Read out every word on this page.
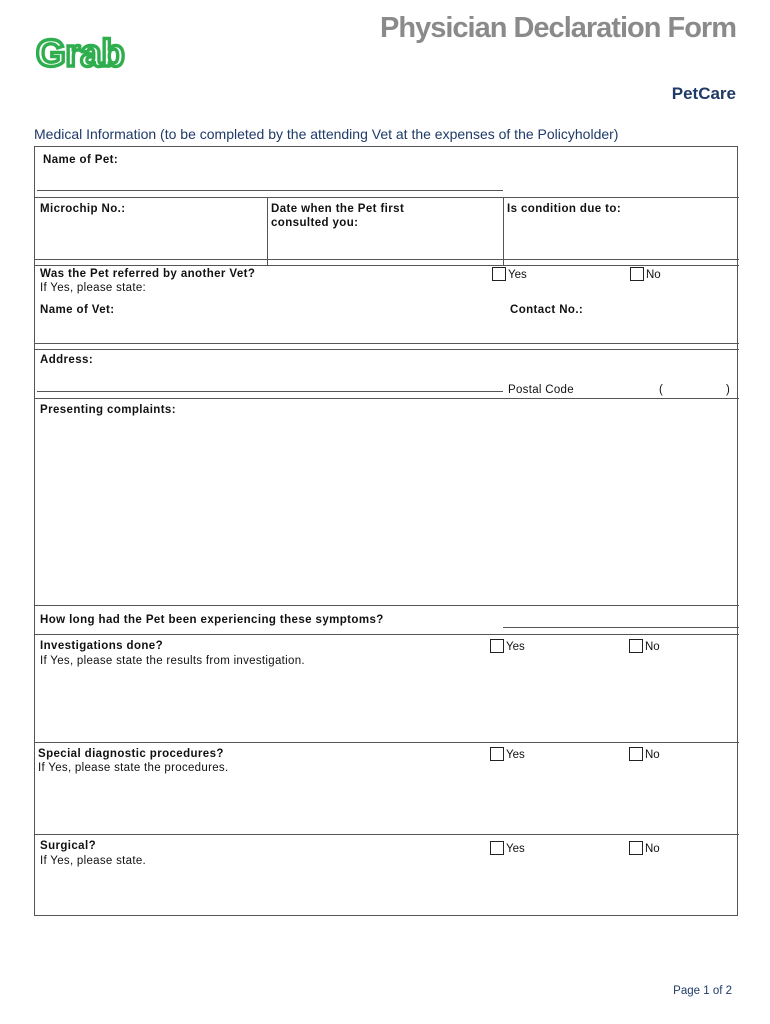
Physician Declaration Form
Grab
PetCare
Medical Information (to be completed by the attending Vet at the expenses of the Policyholder)
Name of Pet:
Microchip No.:	Date when the Pet first
consulted you:
Is condition due to:
Was the Pet referred by another Vet?
If Yes, please state:
Yes	No
Name of Vet:	Contact No.:
Address:
Postal Code	(	)
Presenting complaints:
How long had the Pet been experiencing these symptoms?
Investigations done?
If Yes, please state the results from investigation.
Yes	No
Special diagnostic procedures?
If Yes, please state the procedures.
Yes	No
Surgical?
If Yes, please state.
Yes	No
Page 1 of 2
